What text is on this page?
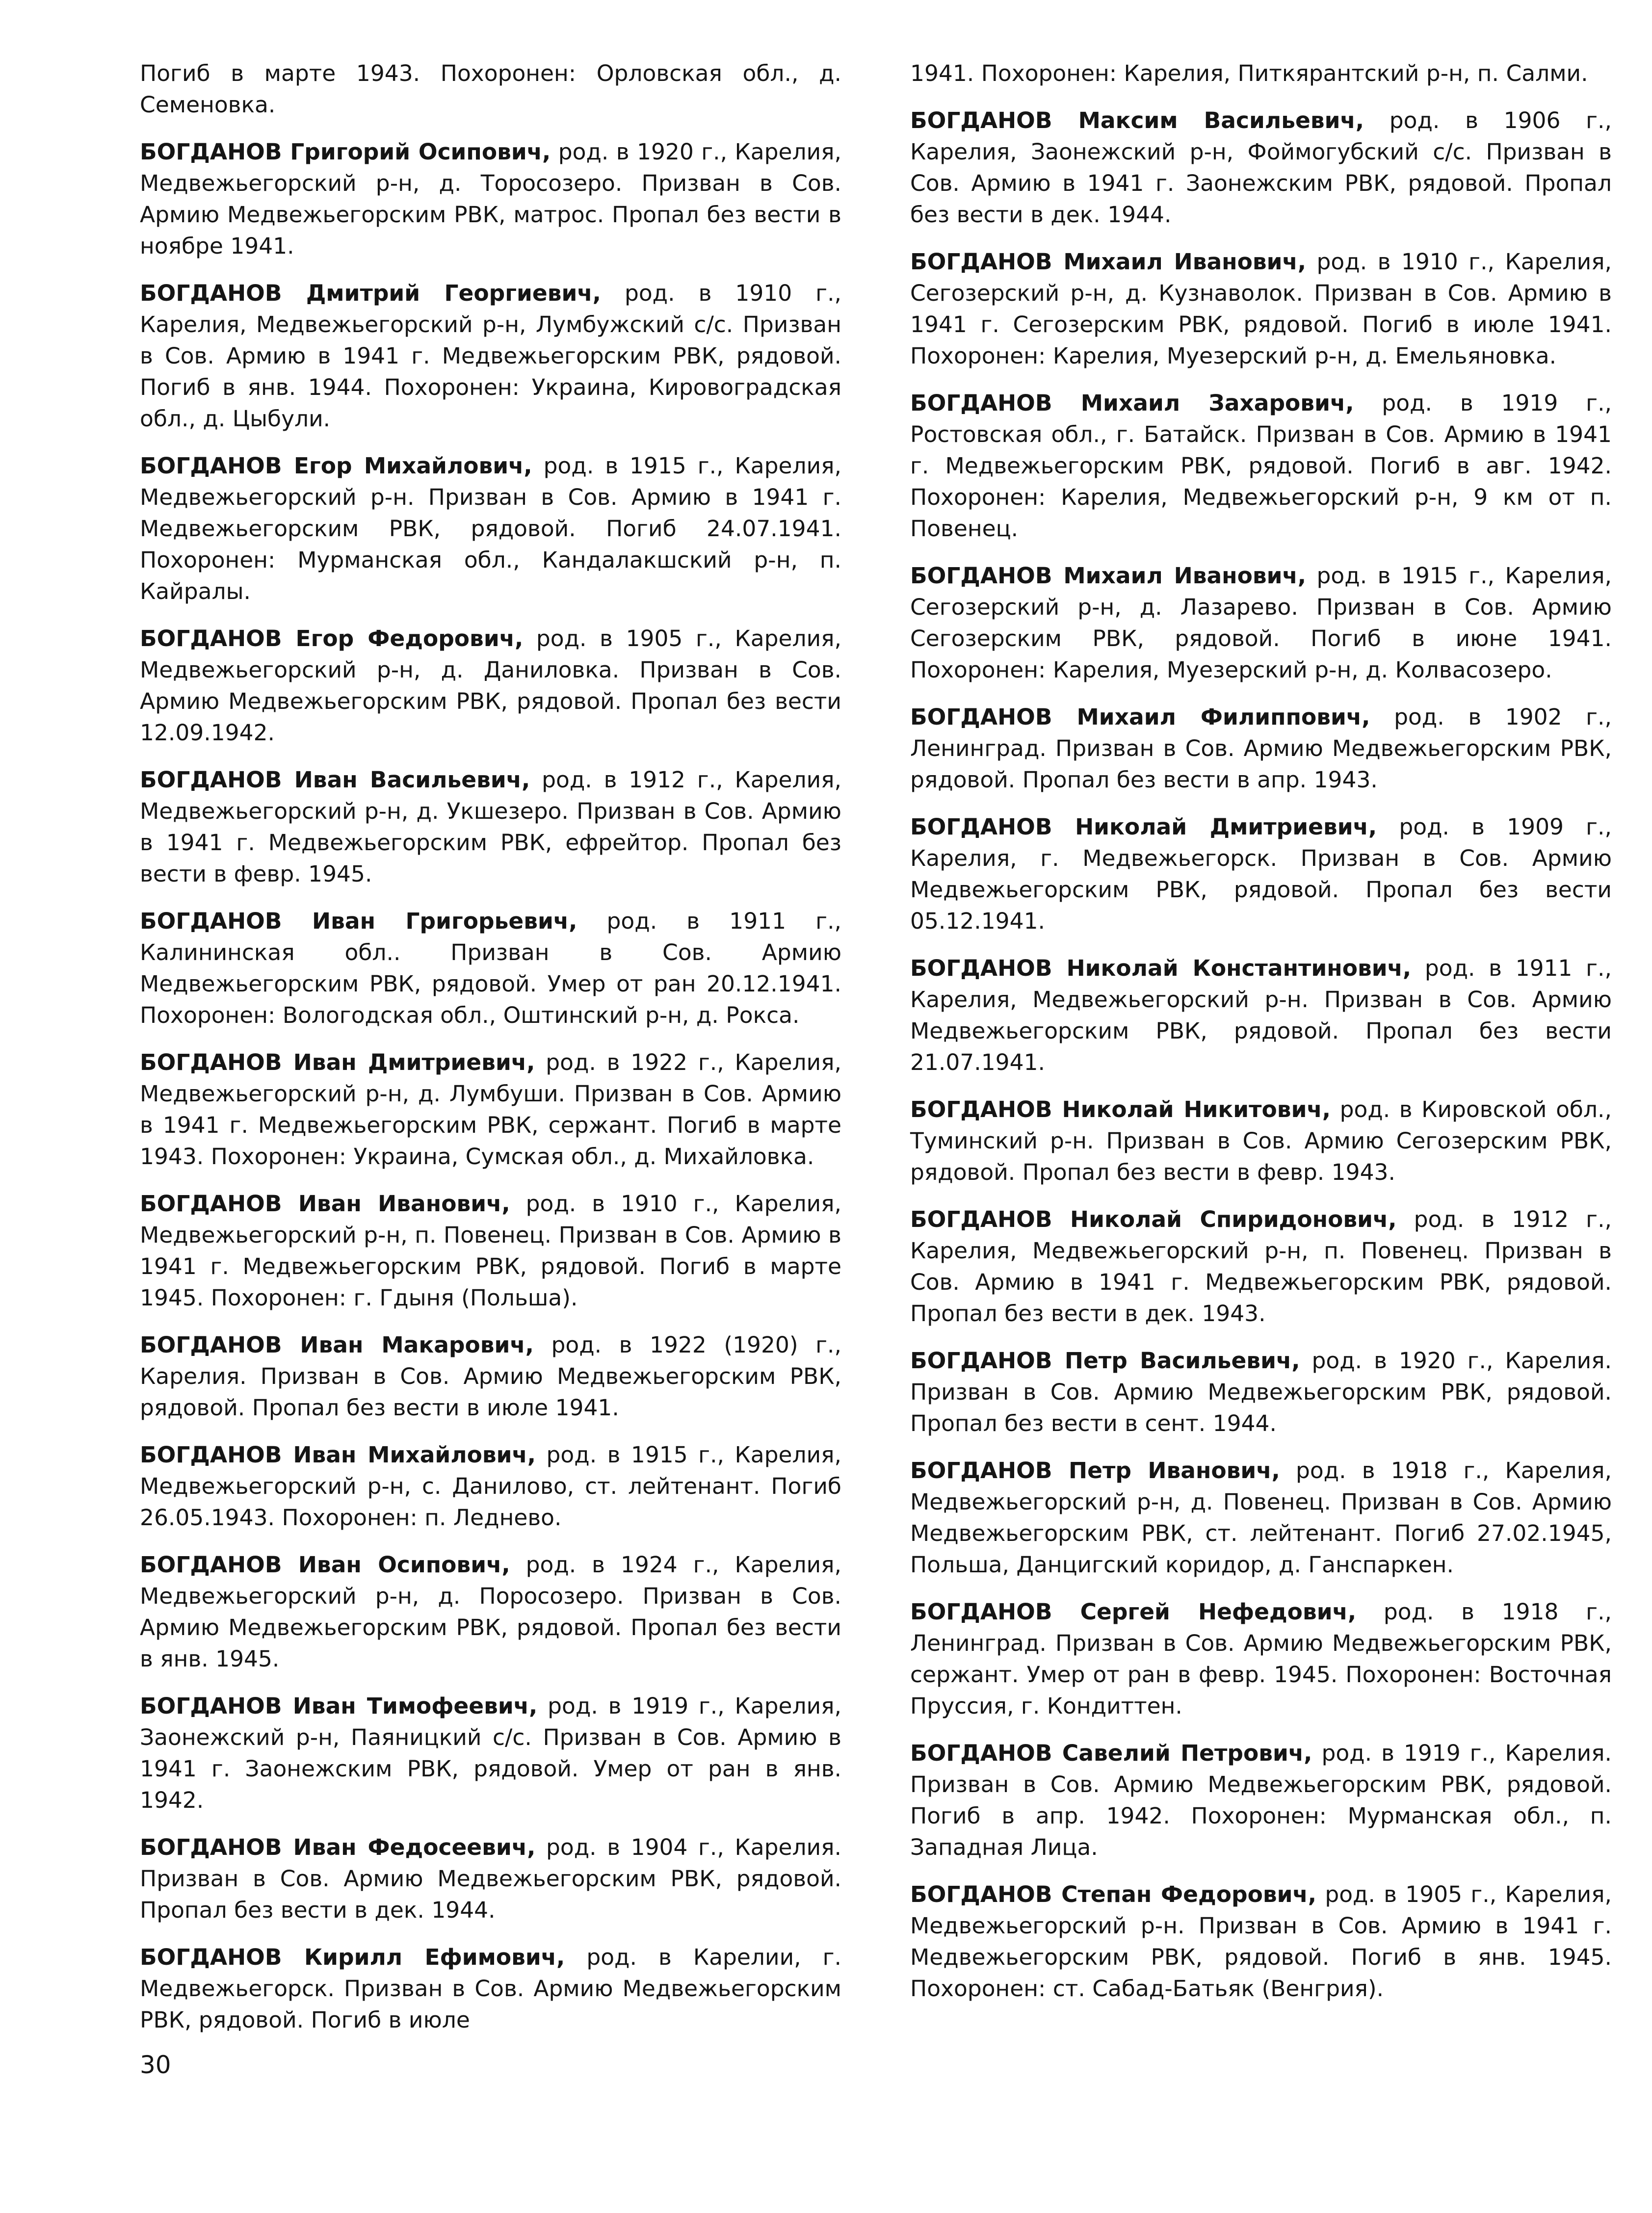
Погиб в марте 1943. Похоронен: Орловская обл., д. Семеновка.

БОГДАНОВ Григорий Осипович, род. в 1920 г., Карелия, Медвежьегорский р-н, д. Торосозеро. Призван в Сов. Армию Медвежьегорским РВК, матрос. Пропал без вести в ноябре 1941.

БОГДАНОВ Дмитрий Георгиевич, род. в 1910 г., Карелия, Медвежьегорский р-н, Лумбужский с/с. Призван в Сов. Армию в 1941 г. Медвежьегорским РВК, рядовой. Погиб в янв. 1944. Похоронен: Украина, Кировоградская обл., д. Цыбули.

БОГДАНОВ Егор Михайлович, род. в 1915 г., Карелия, Медвежьегорский р-н. Призван в Сов. Армию в 1941 г. Медвежьегорским РВК, рядовой. Погиб 24.07.1941. Похоронен: Мурманская обл., Кандалакшский р-н, п. Кайралы.

БОГДАНОВ Егор Федорович, род. в 1905 г., Карелия, Медвежьегорский р-н, д. Даниловка. Призван в Сов. Армию Медвежьегорским РВК, рядовой. Пропал без вести 12.09.1942.

БОГДАНОВ Иван Васильевич, род. в 1912 г., Карелия, Медвежьегорский р-н, д. Укшезеро. Призван в Сов. Армию в 1941 г. Медвежьегорским РВК, ефрейтор. Пропал без вести в февр. 1945.

БОГДАНОВ Иван Григорьевич, род. в 1911 г., Калининская обл.. Призван в Сов. Армию Медвежьегорским РВК, рядовой. Умер от ран 20.12.1941. Похоронен: Вологодская обл., Оштинский р-н, д. Рокса.

БОГДАНОВ Иван Дмитриевич, род. в 1922 г., Карелия, Медвежьегорский р-н, д. Лумбуши. Призван в Сов. Армию в 1941 г. Медвежьегорским РВК, сержант. Погиб в марте 1943. Похоронен: Украина, Сумская обл., д. Михайловка.

БОГДАНОВ Иван Иванович, род. в 1910 г., Карелия, Медвежьегорский р-н, п. Повенец. Призван в Сов. Армию в 1941 г. Медвежьегорским РВК, рядовой. Погиб в марте 1945. Похоронен: г. Гдыня (Польша).

БОГДАНОВ Иван Макарович, род. в 1922 (1920) г., Карелия. Призван в Сов. Армию Медвежьегорским РВК, рядовой. Пропал без вести в июле 1941.

БОГДАНОВ Иван Михайлович, род. в 1915 г., Карелия, Медвежьегорский р-н, с. Данилово, ст. лейтенант. Погиб 26.05.1943. Похоронен: п. Леднево.

БОГДАНОВ Иван Осипович, род. в 1924 г., Карелия, Медвежьегорский р-н, д. Поросозеро. Призван в Сов. Армию Медвежьегорским РВК, рядовой. Пропал без вести в янв. 1945.

БОГДАНОВ Иван Тимофеевич, род. в 1919 г., Карелия, Заонежский р-н, Паяницкий с/с. Призван в Сов. Армию в 1941 г. Заонежским РВК, рядовой. Умер от ран в янв. 1942.

БОГДАНОВ Иван Федосеевич, род. в 1904 г., Карелия. Призван в Сов. Армию Медвежьегорским РВК, рядовой. Пропал без вести в дек. 1944.

БОГДАНОВ Кирилл Ефимович, род. в Карелии, г. Медвежьегорск. Призван в Сов. Армию Медвежьегорским РВК, рядовой. Погиб в июле

1941. Похоронен: Карелия, Питкярантский р-н, п. Салми.

БОГДАНОВ Максим Васильевич, род. в 1906 г., Карелия, Заонежский р-н, Фоймогубский с/с. Призван в Сов. Армию в 1941 г. Заонежским РВК, рядовой. Пропал без вести в дек. 1944.

БОГДАНОВ Михаил Иванович, род. в 1910 г., Карелия, Сегозерский р-н, д. Кузнаволок. Призван в Сов. Армию в 1941 г. Сегозерским РВК, рядовой. Погиб в июле 1941. Похоронен: Карелия, Муезерский р-н, д. Емельяновка.

БОГДАНОВ Михаил Захарович, род. в 1919 г., Ростовская обл., г. Батайск. Призван в Сов. Армию в 1941 г. Медвежьегорским РВК, рядовой. Погиб в авг. 1942. Похоронен: Карелия, Медвежьегорский р-н, 9 км от п. Повенец.

БОГДАНОВ Михаил Иванович, род. в 1915 г., Карелия, Сегозерский р-н, д. Лазарево. Призван в Сов. Армию Сегозерским РВК, рядовой. Погиб в июне 1941. Похоронен: Карелия, Муезерский р-н, д. Колвасозеро.

БОГДАНОВ Михаил Филиппович, род. в 1902 г., Ленинград. Призван в Сов. Армию Медвежьегорским РВК, рядовой. Пропал без вести в апр. 1943.

БОГДАНОВ Николай Дмитриевич, род. в 1909 г., Карелия, г. Медвежьегорск. Призван в Сов. Армию Медвежьегорским РВК, рядовой. Пропал без вести 05.12.1941.

БОГДАНОВ Николай Константинович, род. в 1911 г., Карелия, Медвежьегорский р-н. Призван в Сов. Армию Медвежьегорским РВК, рядовой. Пропал без вести 21.07.1941.

БОГДАНОВ Николай Никитович, род. в Кировской обл., Туминский р-н. Призван в Сов. Армию Сегозерским РВК, рядовой. Пропал без вести в февр. 1943.

БОГДАНОВ Николай Спиридонович, род. в 1912 г., Карелия, Медвежьегорский р-н, п. Повенец. Призван в Сов. Армию в 1941 г. Медвежьегорским РВК, рядовой. Пропал без вести в дек. 1943.

БОГДАНОВ Петр Васильевич, род. в 1920 г., Карелия. Призван в Сов. Армию Медвежьегорским РВК, рядовой. Пропал без вести в сент. 1944.

БОГДАНОВ Петр Иванович, род. в 1918 г., Карелия, Медвежьегорский р-н, д. Повенец. Призван в Сов. Армию Медвежьегорским РВК, ст. лейтенант. Погиб 27.02.1945, Польша, Данцигский коридор, д. Ганспаркен.

БОГДАНОВ Сергей Нефедович, род. в 1918 г., Ленинград. Призван в Сов. Армию Медвежьегорским РВК, сержант. Умер от ран в февр. 1945. Похоронен: Восточная Пруссия, г. Кондиттен.

БОГДАНОВ Савелий Петрович, род. в 1919 г., Карелия. Призван в Сов. Армию Медвежьегорским РВК, рядовой. Погиб в апр. 1942. Похоронен: Мурманская обл., п. Западная Лица.

БОГДАНОВ Степан Федорович, род. в 1905 г., Карелия, Медвежьегорский р-н. Призван в Сов. Армию в 1941 г. Медвежьегорским РВК, рядовой. Погиб в янв. 1945. Похоронен: ст. Сабад-Батьяк (Венгрия).

30
